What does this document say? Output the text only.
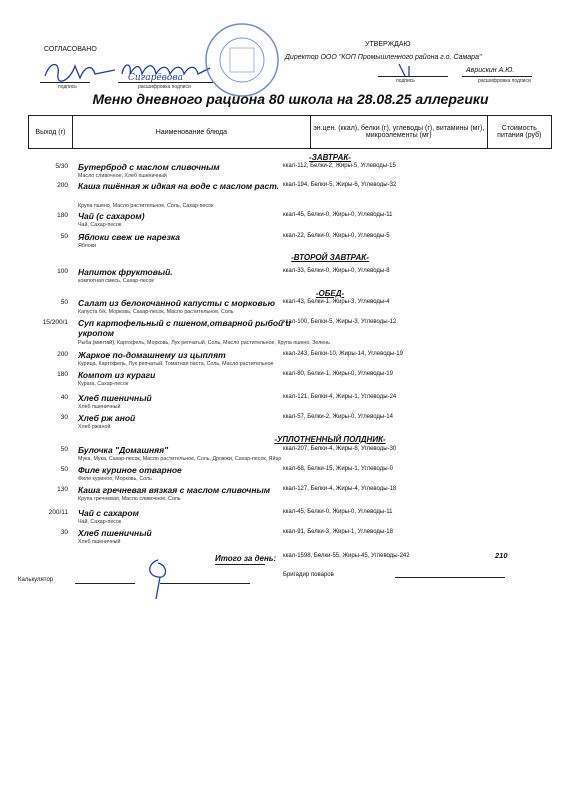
СОГЛАСОВАНО
подпись	расшифровка подписи
Сигарёвова
УТВЕРЖДАЮ
Директор ООО "КОП Промышленного района г.о. Самара"
Аврискин А.Ю.
подпись	расшифровка подписи
Меню дневного рациона 80 школа на 28.08.25 аллергики
Выход (г)	Наименование блюда	эн.цен. (ккал), белки (г), углеводы (г), витамины (мг), микроэлементы (мг)	Стоимость питания (руб)
-ЗАВТРАК-
5/30 Бутерброд с маслом сливочным
Масло сливочное, Хлеб пшеничный
ккал-112, Белки-2, Жиры-5, Углеводы-15
200 Каша пшённая ж идкая на воде с маслом раст.
Крупа пшено, Масло растительное, Соль, Сахар-песок
ккал-194, Белки-5, Жиры-6, Углеводы-32
180 Чай (с сахаром)
Чай, Сахар-песок
ккал-45, Белки-0, Жиры-0, Углеводы-11
50 Яблоки свеж ие нарезка
Яблоки
ккал-22, Белки-0, Жиры-0, Углеводы-5
-ВТОРОЙ ЗАВТРАК-
100 Напиток фруктовый.
компотная смесь, Сахар-песок
ккал-33, Белки-0, Жиры-0, Углеводы-8
-ОБЕД-
50 Салат из белокочанной капусты с морковью
Капуста б/к, Морковь, Сахар-песок, Масло растительное, Соль
ккал-43, Белки-1, Жиры-3, Углеводы-4
15/200/1 Суп картофельный с пшеном,отварной рыбой и укропом
Рыба (минтай), Картофель, Морковь, Лук репчатый, Соль, Масло растительное, Крупа пшено, Зелень
ккал-100, Белки-5, Жиры-3, Углеводы-12
200 Жаркое по-домашнему из цыплят
Курица, Картофель, Лук репчатый, Томатная паста, Соль, Масло растительное
ккал-243, Белки-10, Жиры-14, Углеводы-19
180 Компот из кураги
Курага, Сахар-песок
ккал-80, Белки-1, Жиры-0, Углеводы-19
40 Хлеб пшеничный
Хлеб пшеничный
ккал-121, Белки-4, Жиры-1, Углеводы-24
30 Хлеб рж аной
Хлеб ржаной
ккал-57, Белки-2, Жиры-0, Углеводы-14
-УПЛОТНЕННЫЙ ПОЛДНИК-
50 Булочка "Домашняя"
Мука, Мука, Сахар-песок, Масло растительное, Соль, Дрожжи, Сахар-песок, Яйцо
ккал-207, Белки-4, Жиры-8, Углеводы-30
50 Филе куриное отварное
Филе куриное, Морковь, Соль
ккал-68, Белки-15, Жиры-1, Углеводы-0
130 Каша гречневая вязкая с маслом сливочным
Крупа гречневая, Масло сливочное, Соль
ккал-127, Белки-4, Жиры-4, Углеводы-18
200/11 Чай с сахаром
Чай, Сахар-песок
ккал-45, Белки-0, Жиры-0, Углеводы-11
30 Хлеб пшеничный
Хлеб пшеничный
ккал-91, Белки-3, Жиры-1, Углеводы-18
Итого за день: ккал-1598, Белки-55, Жиры-45, Углеводы-242	210
Калькулятор
Бригадир поваров
